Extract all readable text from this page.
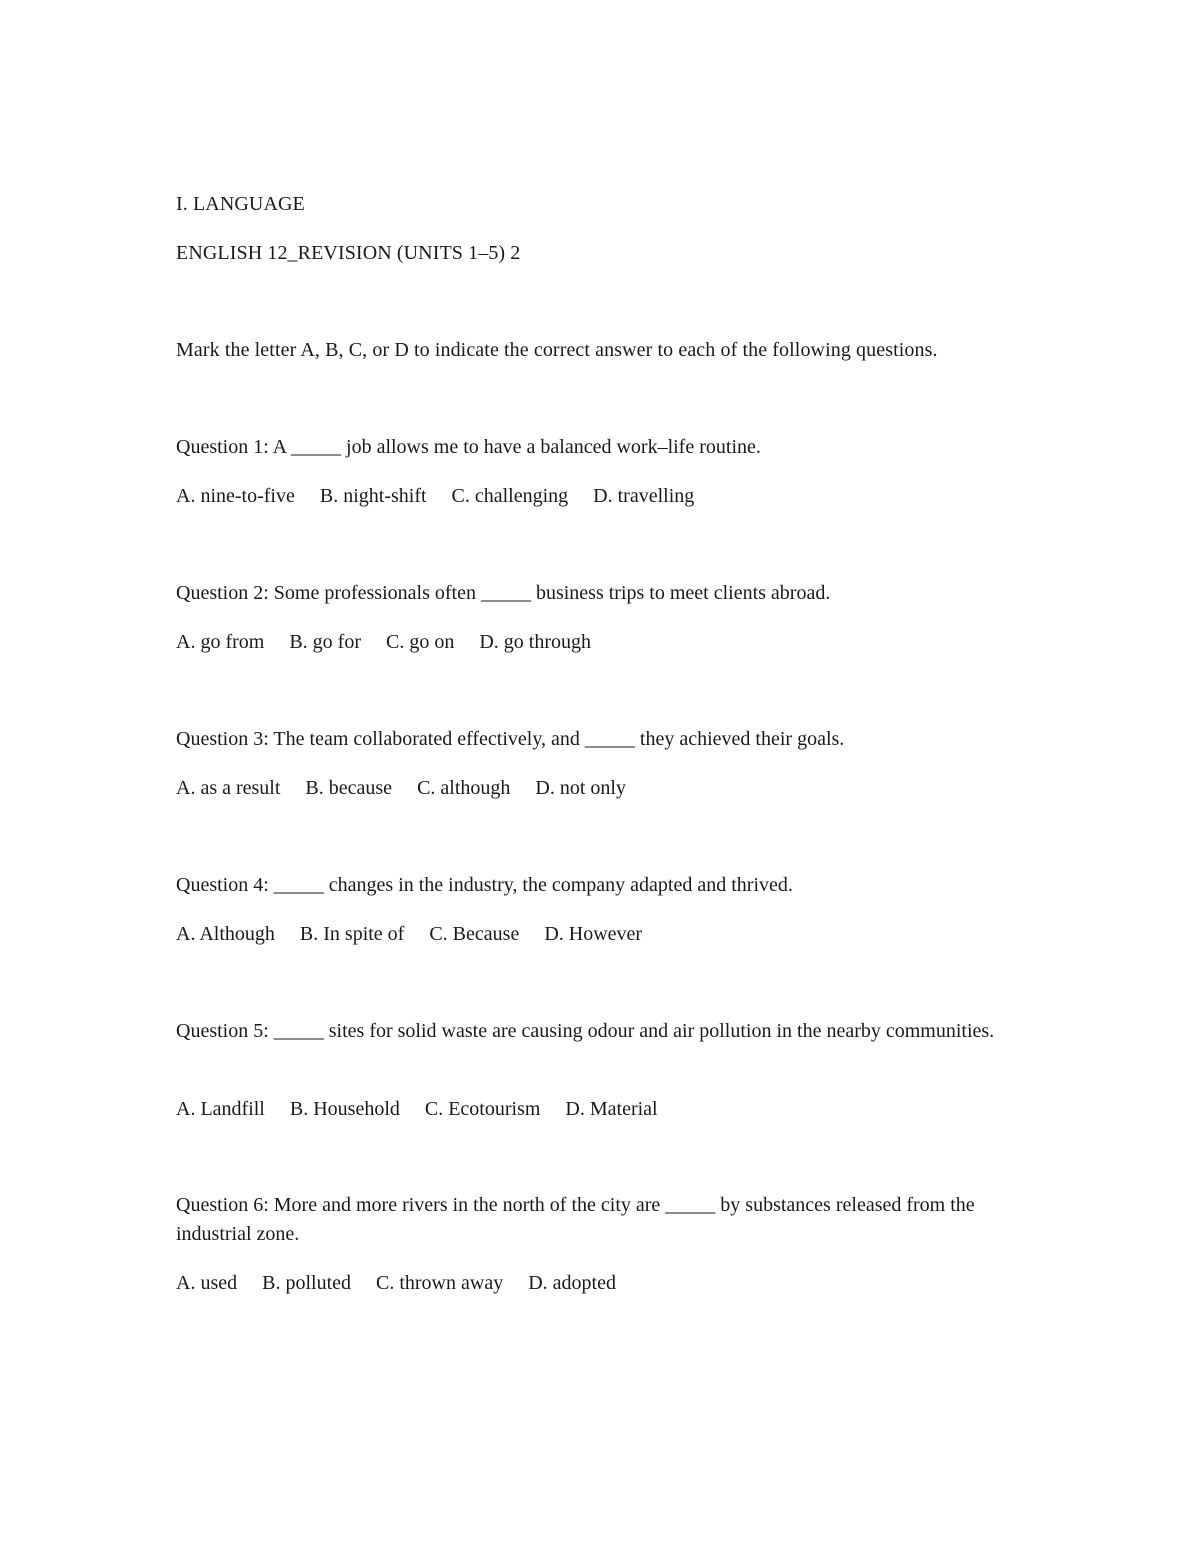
I. LANGUAGE
ENGLISH 12_REVISION (UNITS 1–5) 2
Mark the letter A, B, C, or D to indicate the correct answer to each of the following questions.
Question 1: A _____ job allows me to have a balanced work–life routine.
A. nine-to-five B. night-shift C. challenging D. travelling
Question 2: Some professionals often _____ business trips to meet clients abroad.
A. go from B. go for C. go on D. go through
Question 3: The team collaborated effectively, and _____ they achieved their goals.
A. as a result B. because C. although D. not only
Question 4: _____ changes in the industry, the company adapted and thrived.
A. Although B. In spite of C. Because D. However
Question 5: _____ sites for solid waste are causing odour and air pollution in the nearby communities.
A. Landfill B. Household C. Ecotourism D. Material
Question 6: More and more rivers in the north of the city are _____ by substances released from the industrial zone.
A. used B. polluted C. thrown away D. adopted
